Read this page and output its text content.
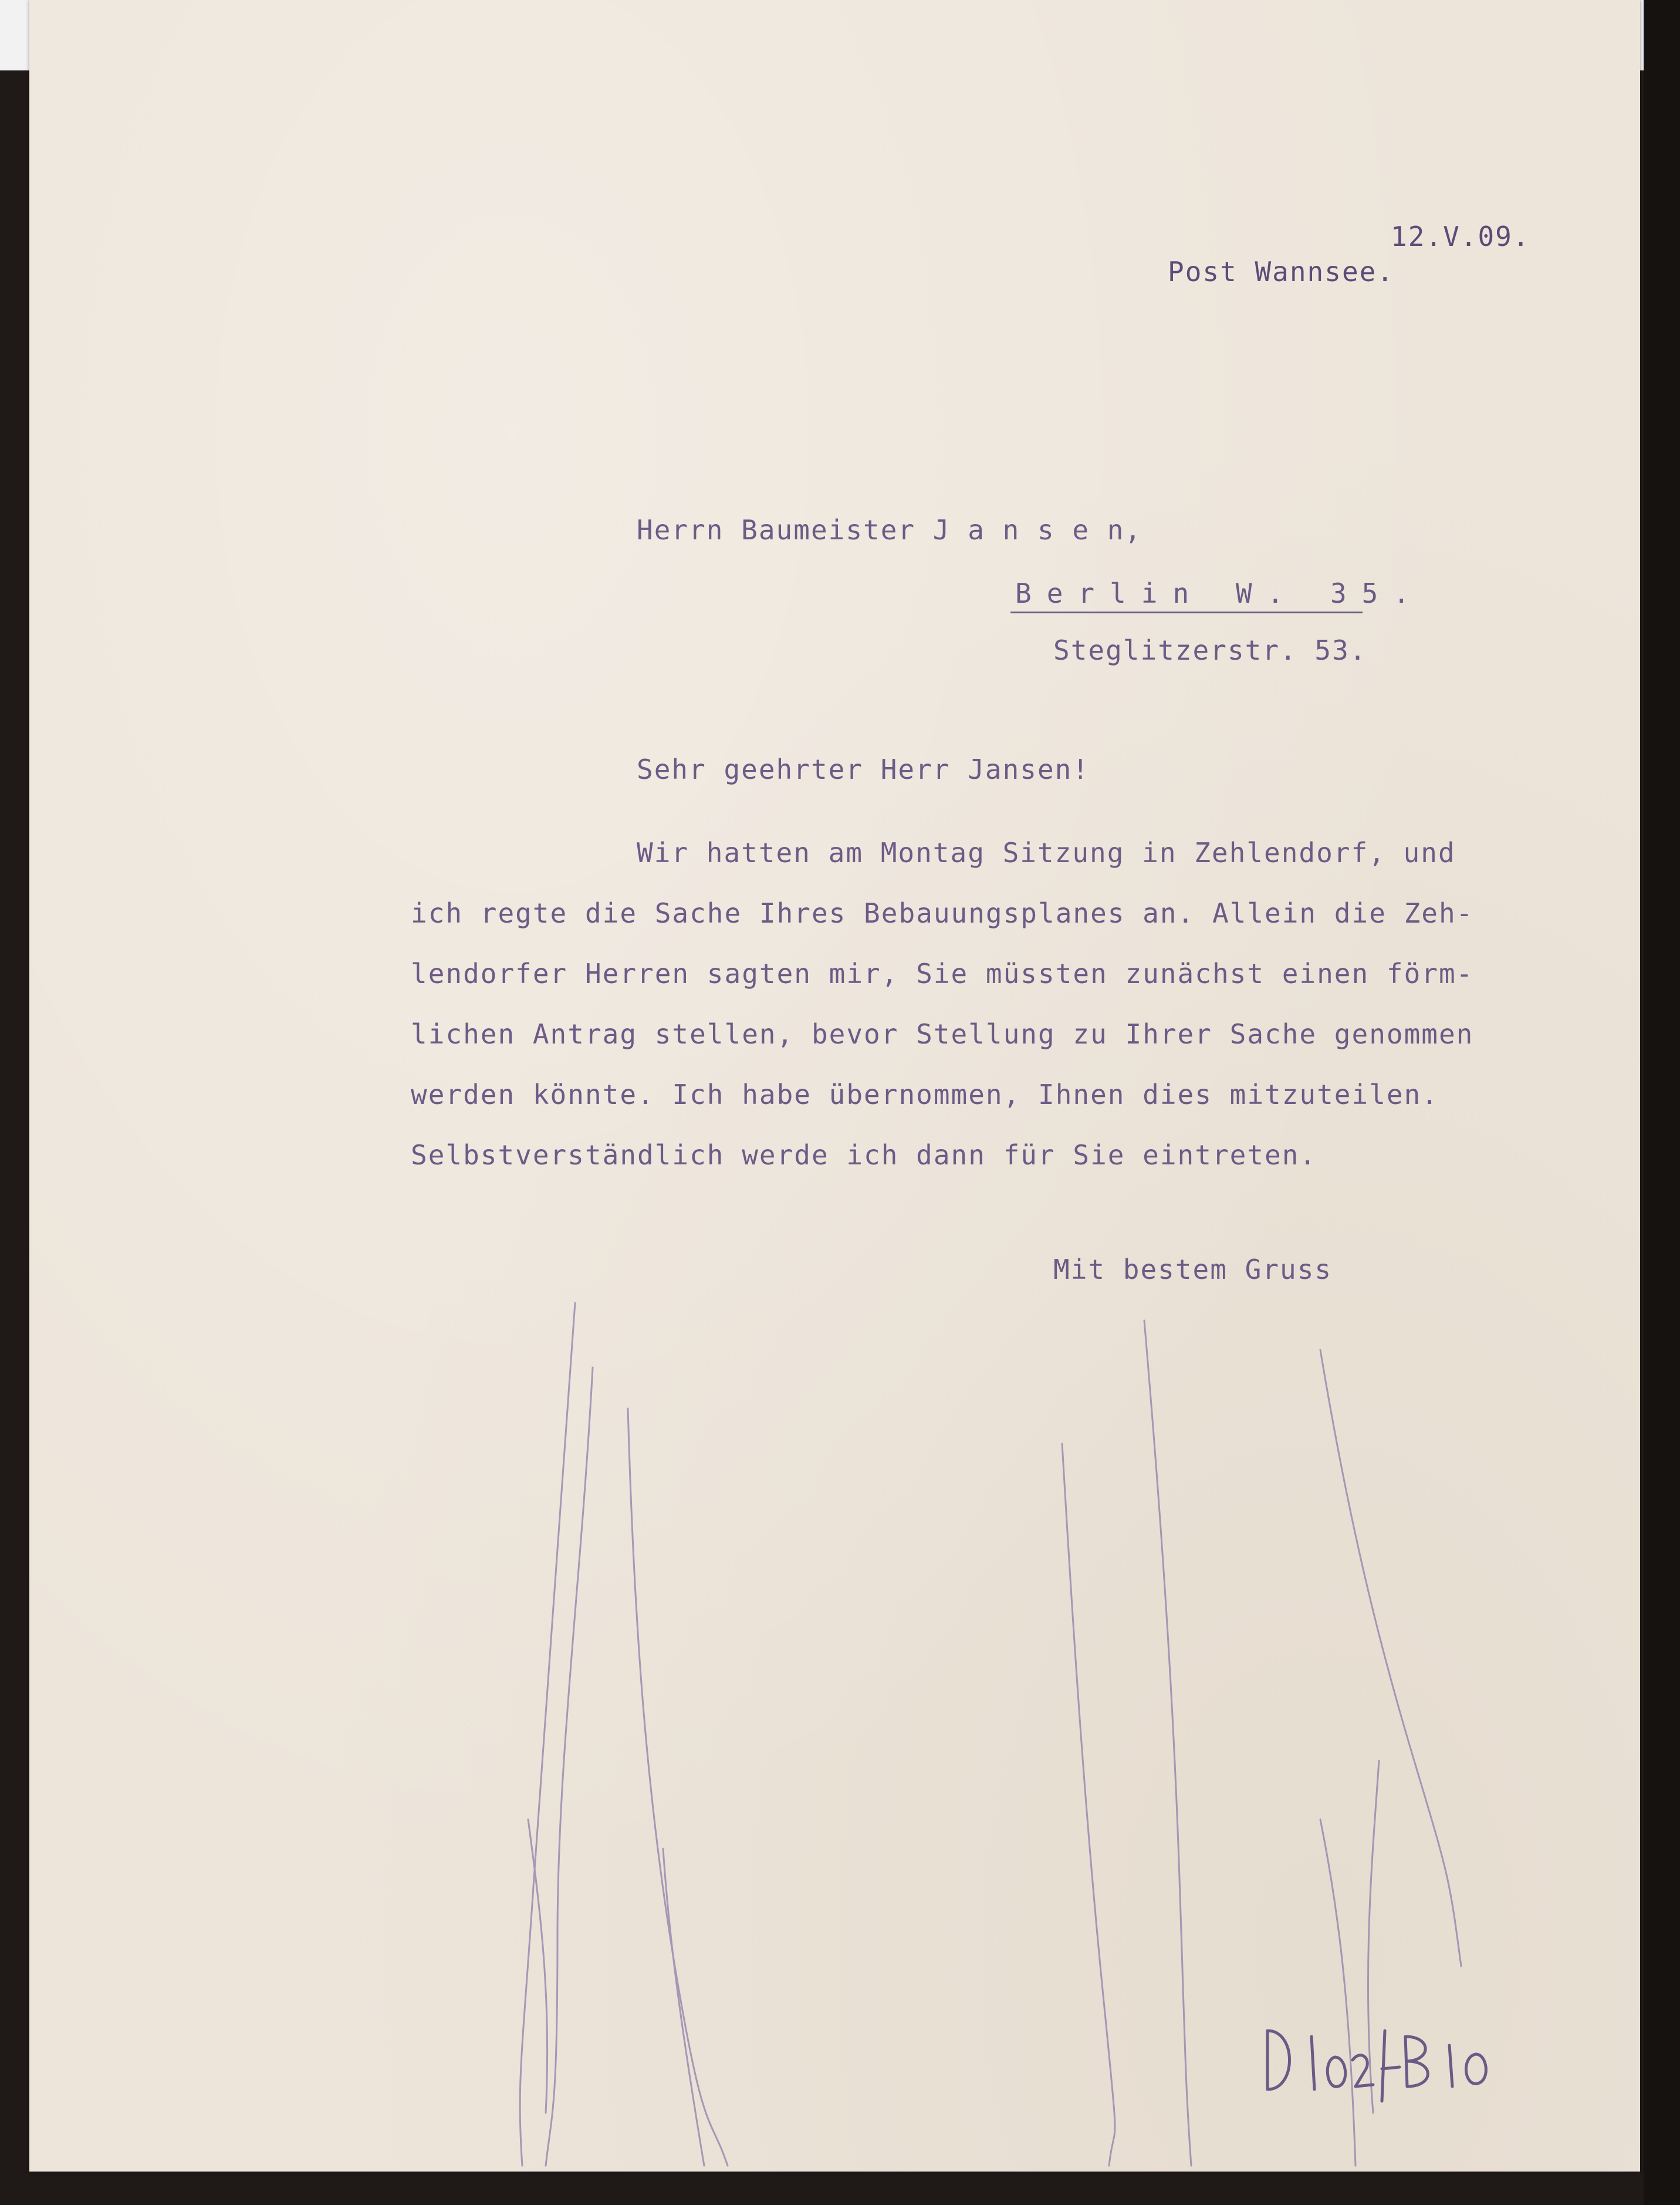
12.V.09.
Post Wannsee.
Herrn Baumeister J a n s e n,
Berlin W. 35.
Steglitzerstr. 53.
Sehr geehrter Herr Jansen!
Wir hatten am Montag Sitzung in Zehlendorf, und
ich regte die Sache Ihres Bebauungsplanes an. Allein die Zeh-
lendorfer Herren sagten mir, Sie müssten zunächst einen förm-
lichen Antrag stellen, bevor Stellung zu Ihrer Sache genommen
werden könnte. Ich habe übernommen, Ihnen dies mitzuteilen.
Selbstverständlich werde ich dann für Sie eintreten.
Mit bestem Gruss
